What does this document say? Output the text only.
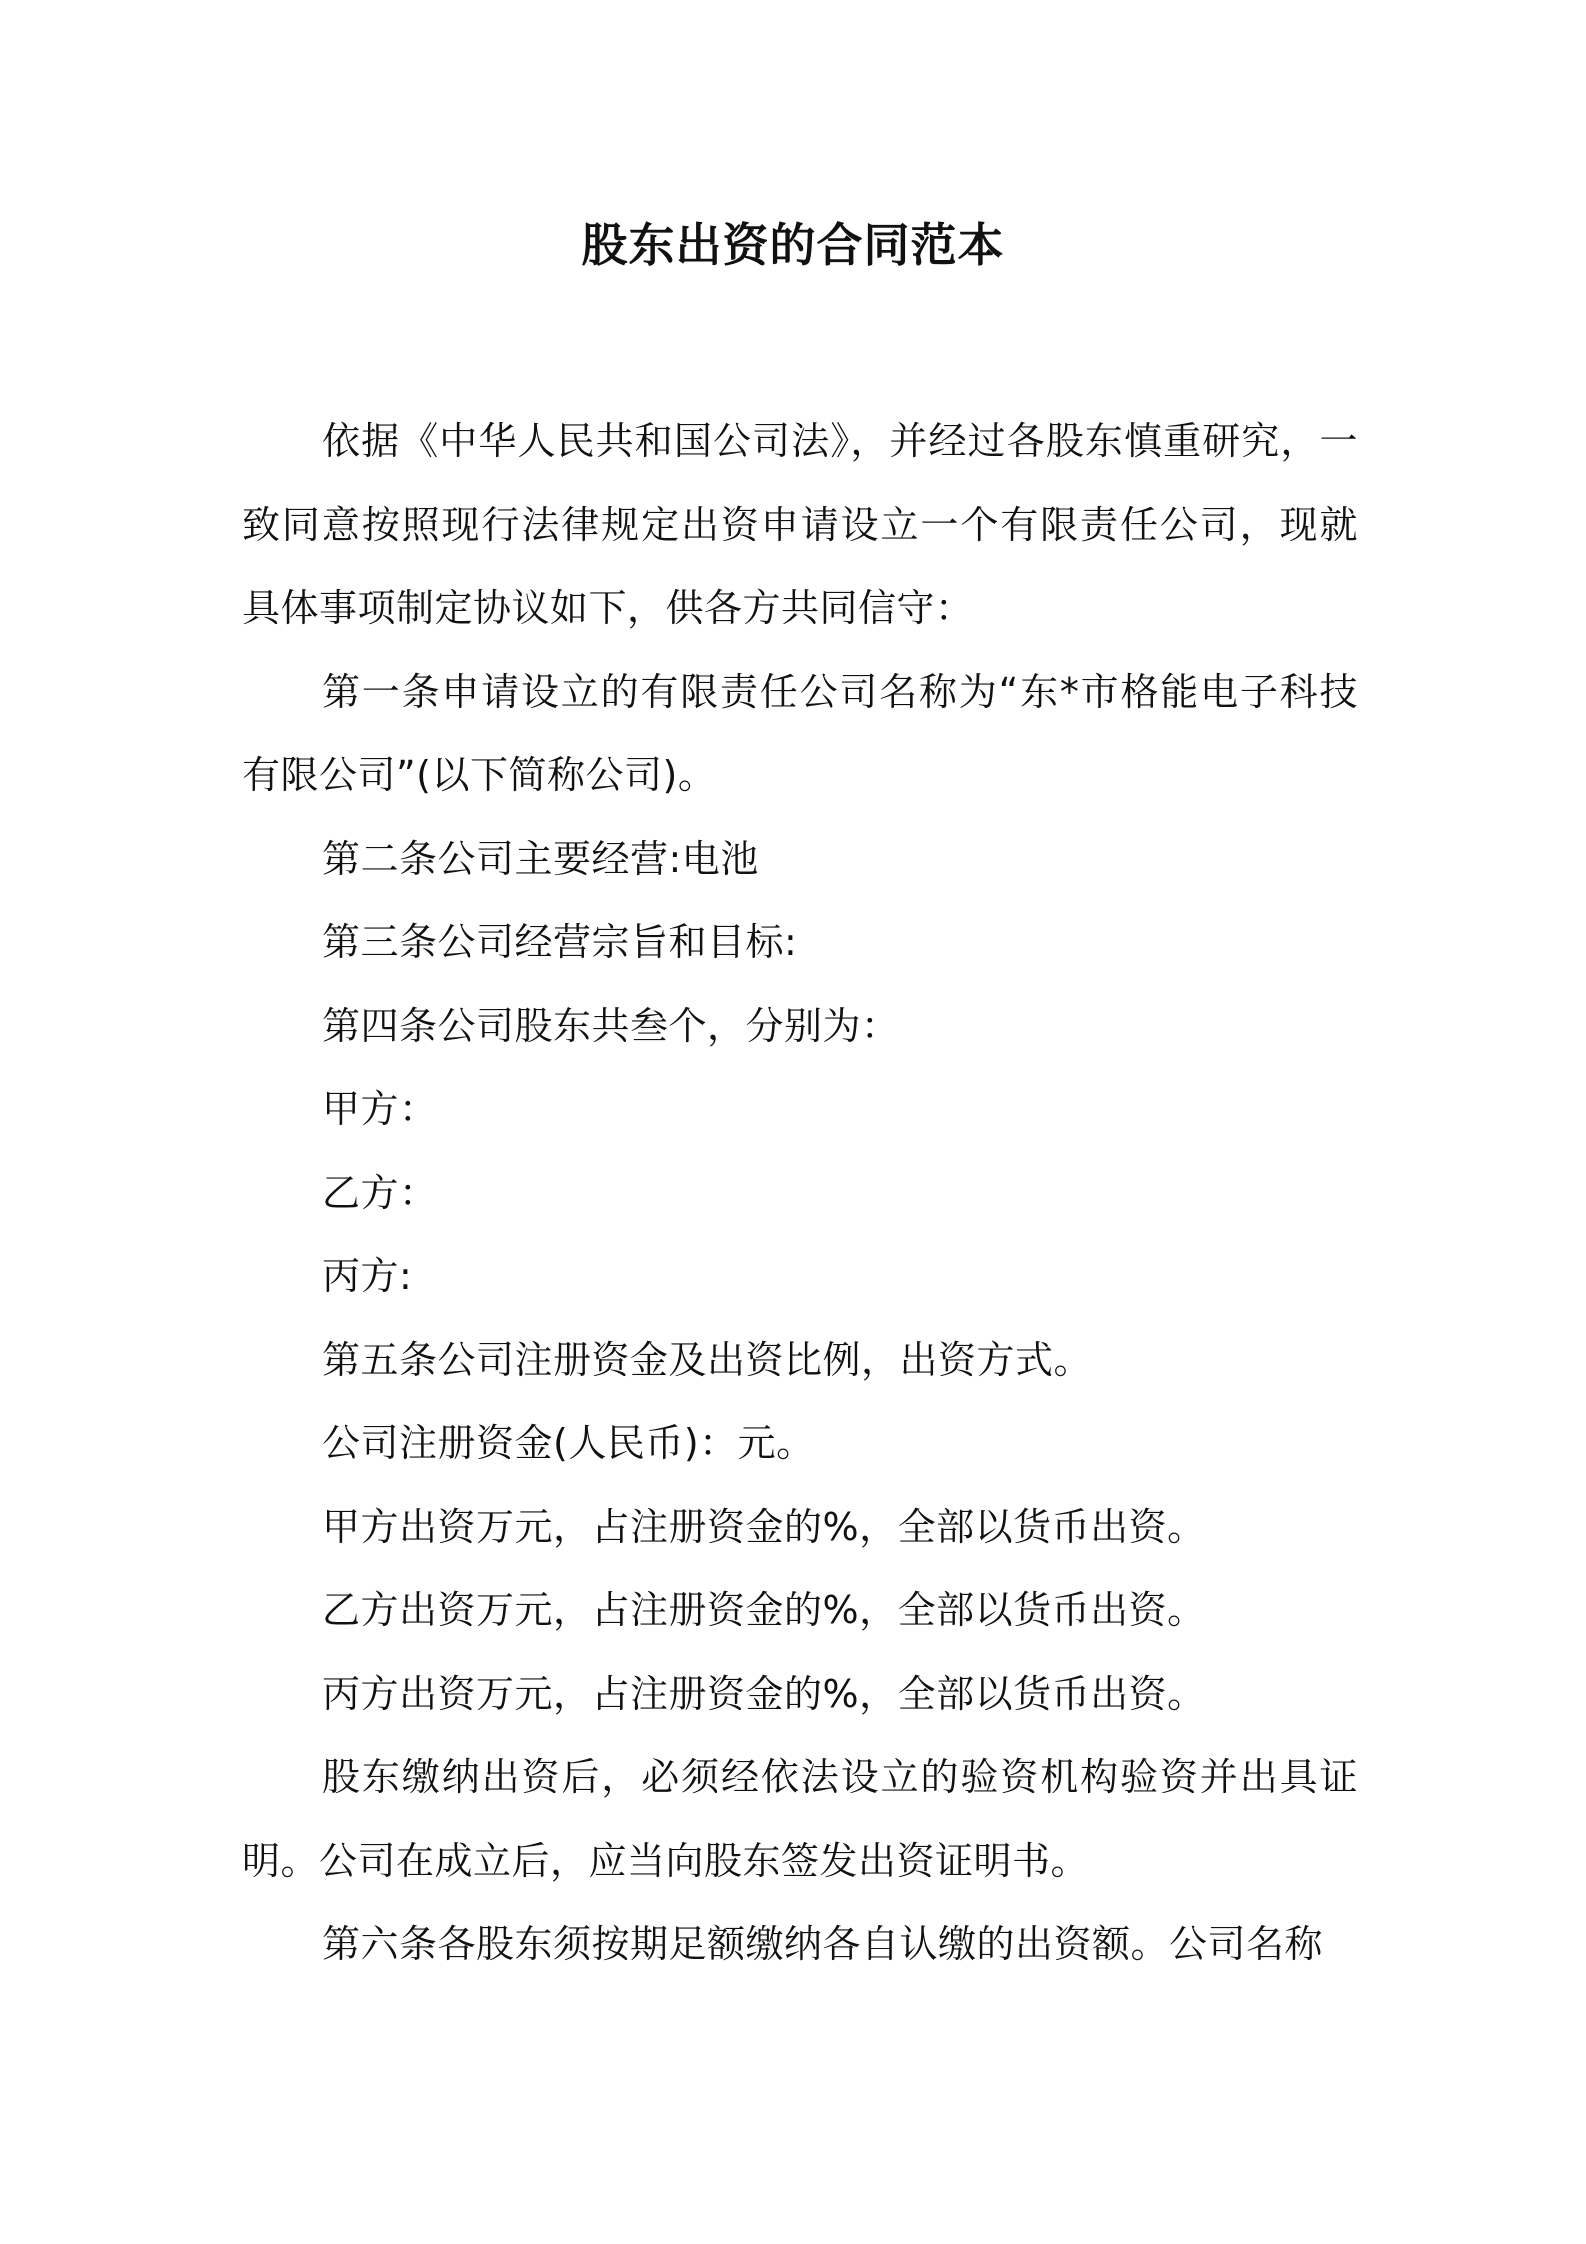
股东出资的合同范本

依据《中华人民共和国公司法》，并经过各股东慎重研究，一致同意按照现行法律规定出资申请设立一个有限责任公司，现就具体事项制定协议如下，供各方共同信守：

第一条申请设立的有限责任公司名称为“东*市格能电子科技有限公司”(以下简称公司)。

第二条公司主要经营:电池

第三条公司经营宗旨和目标:

第四条公司股东共叁个，分别为：

甲方：

乙方：

丙方:

第五条公司注册资金及出资比例，出资方式。

公司注册资金(人民币)：元。

甲方出资万元，占注册资金的%，全部以货币出资。

乙方出资万元，占注册资金的%，全部以货币出资。

丙方出资万元，占注册资金的%，全部以货币出资。

股东缴纳出资后，必须经依法设立的验资机构验资并出具证明。公司在成立后，应当向股东签发出资证明书。

第六条各股东须按期足额缴纳各自认缴的出资额。公司名称
